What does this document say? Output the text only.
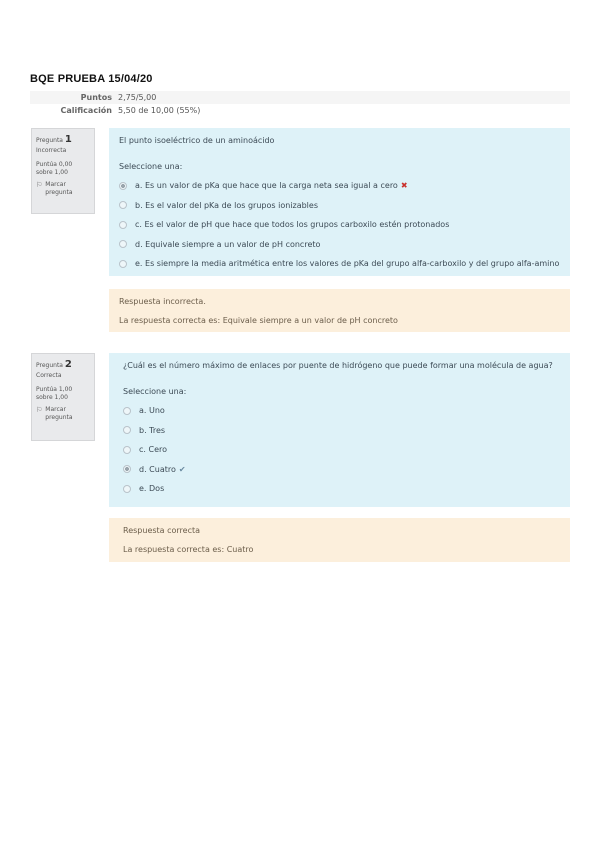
BQE PRUEBA 15/04/20
Puntos 2,75/5,00
Calificación 5,50 de 10,00 (55%)
Pregunta 1
Incorrecta
Puntúa 0,00 sobre 1,00
⚐ Marcar pregunta
El punto isoeléctrico de un aminoácido
Seleccione una:
a. Es un valor de pKa que hace que la carga neta sea igual a cero ✖
b. Es el valor del pKa de los grupos ionizables
c. Es el valor de pH que hace que todos los grupos carboxilo estén protonados
d. Equivale siempre a un valor de pH concreto
e. Es siempre la media aritmética entre los valores de pKa del grupo alfa-carboxilo y del grupo alfa-amino
Respuesta incorrecta.
La respuesta correcta es: Equivale siempre a un valor de pH concreto
Pregunta 2
Correcta
Puntúa 1,00 sobre 1,00
⚐ Marcar pregunta
¿Cuál es el número máximo de enlaces por puente de hidrógeno que puede formar una molécula de agua?
Seleccione una:
a. Uno
b. Tres
c. Cero
d. Cuatro ✔
e. Dos
Respuesta correcta
La respuesta correcta es: Cuatro
